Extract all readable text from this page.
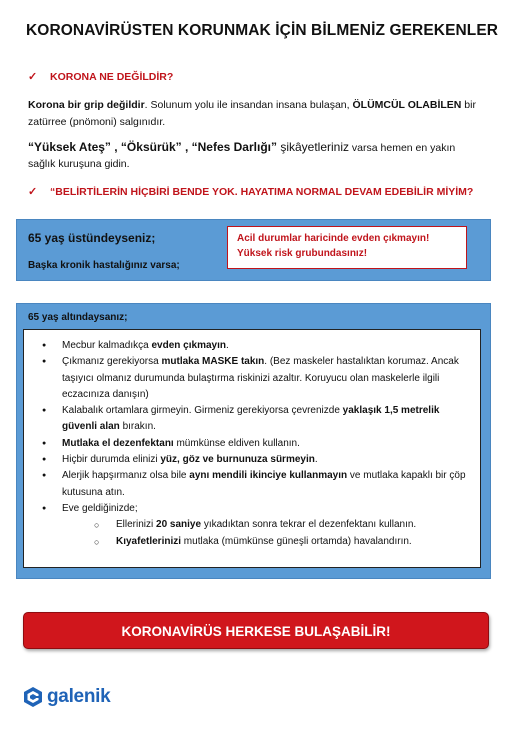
KORONAVİRÜSTEN KORUNMAK İÇİN BİLMENİZ GEREKENLER
✓ KORONA NE DEĞİLDİR?
Korona bir grip değildir. Solunum yolu ile insandan insana bulaşan, ÖLÜMCÜL OLABİLEN bir zatürree (pnömoni) salgınıdır.
“Yüksek Ateş” , “Öksürük” , “Nefes Darlığı” şikâyetleriniz varsa hemen en yakın sağlık kuruşuna gidin.
✓ “BELİRTİLERİN HİÇBİRİ BENDE YOK. HAYATIMA NORMAL DEVAM EDEBİLİR MİYİM?
65 yaş üstündeyseniz;
Başka kronik hastalığınız varsa;
Acil durumlar haricinde evden çıkmayın!
Yüksek risk grubundasınız!
65 yaş altındaysanız;
● Mecbur kalmadıkça evden çıkmayın.
● Çıkmanız gerekiyorsa mutlaka MASKE takın. (Bez maskeler hastalıktan korumaz. Ancak taşıyıcı olmanız durumunda bulaştırma riskinizi azaltır. Koruyucu olan maskelerle ilgili eczacınıza danışın)
● Kalabalık ortamlara girmeyin. Girmeniz gerekiyorsa çevrenizde yaklaşık 1,5 metrelik güvenli alan bırakın.
● Mutlaka el dezenfektanı mümkünse eldiven kullanın.
● Hiçbir durumda elinizi yüz, göz ve burnunuza sürmeyin.
● Alerjik hapşırmanız olsa bile aynı mendili ikinciye kullanmayın ve mutlaka kapaklı bir çöp kutusuna atın.
● Eve geldiğinizde;
○ Ellerinizi 20 saniye yıkadıktan sonra tekrar el dezenfektanı kullanın.
○ Kıyafetlerinizi mutlaka (mümkünse güneşli ortamda) havalandırın.
KORONAVİRÜS HERKESE BULAŞABİLİR!
galenik
